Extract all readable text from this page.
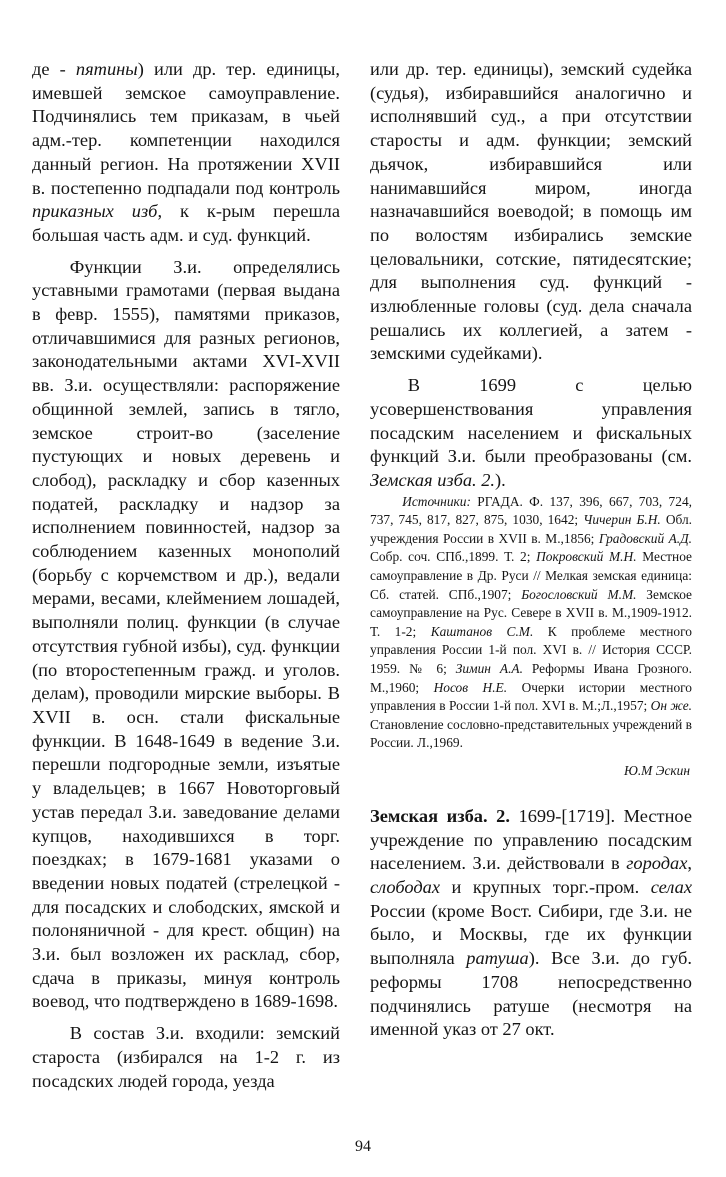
де - пятины) или др. тер. единицы, имевшей земское самоуправление. Подчинялись тем приказам, в чьей адм.-тер. компетенции находился данный регион. На протяжении XVII в. постепенно подпадали под контроль приказных изб, к к-рым перешла большая часть адм. и суд. функций.

Функции З.и. определялись уставными грамотами (первая выдана в февр. 1555), памятями приказов, отличавшимися для разных регионов, законодательными актами XVI-XVII вв. З.и. осуществляли: распоряжение общинной землей, запись в тягло, земское строит-во (заселение пустующих и новых деревень и слобод), раскладку и сбор казенных податей, раскладку и надзор за исполнением повинностей, надзор за соблюдением казенных монополий (борьбу с корчемством и др.), ведали мерами, весами, клеймением лошадей, выполняли полиц. функции (в случае отсутствия губной избы), суд. функции (по второстепенным гражд. и уголов. делам), проводили мирские выборы. В XVII в. осн. стали фискальные функции. В 1648-1649 в ведение З.и. перешли подгородные земли, изъятые у владельцев; в 1667 Новоторговый устав передал З.и. заведование делами купцов, находившихся в торг. поездках; в 1679-1681 указами о введении новых податей (стрелецкой - для посадских и слободских, ямской и полоняничной - для крест. общин) на З.и. был возложен их расклад, сбор, сдача в приказы, минуя контроль воевод, что подтверждено в 1689-1698.

В состав З.и. входили: земский староста (избирался на 1-2 г. из посадских людей города, уезда

или др. тер. единицы), земский судейка (судья), избиравшийся аналогично и исполнявший суд., а при отсутствии старосты и адм. функции; земский дьячок, избиравшийся или нанимавшийся миром, иногда назначавшийся воеводой; в помощь им по волостям избирались земские целовальники, сотские, пятидесятские; для выполнения суд. функций - излюбленные головы (суд. дела сначала решались их коллегией, а затем - земскими судейками).

В 1699 с целью усовершенствования управления посадским населением и фискальных функций З.и. были преобразованы (см. Земская изба. 2.).

Источники: РГАДА. Ф. 137, 396, 667, 703, 724, 737, 745, 817, 827, 875, 1030, 1642; Чичерин Б.Н. Обл. учреждения России в XVII в. М.,1856; Градовский А.Д. Собр. соч. СПб.,1899. Т. 2; Покровский М.Н. Местное самоуправление в Др. Руси // Мелкая земская единица: Сб. статей. СПб.,1907; Богословский М.М. Земское самоуправление на Рус. Севере в XVII в. М.,1909-1912. Т. 1-2; Каштанов С.М. К проблеме местного управления России 1-й пол. XVI в. // История СССР. 1959. № 6; Зимин А.А. Реформы Ивана Грозного. М.,1960; Носов Н.Е. Очерки истории местного управления в России 1-й пол. XVI в. М.;Л.,1957; Он же. Становление сословно-представительных учреждений в России. Л.,1969.

Ю.М Эскин

Земская изба. 2. 1699-[1719]. Местное учреждение по управлению посадским населением. З.и. действовали в городах, слободах и крупных торг.-пром. селах России (кроме Вост. Сибири, где З.и. не было, и Москвы, где их функции выполняла ратуша). Все З.и. до губ. реформы 1708 непосредственно подчинялись ратуше (несмотря на именной указ от 27 окт.

94
